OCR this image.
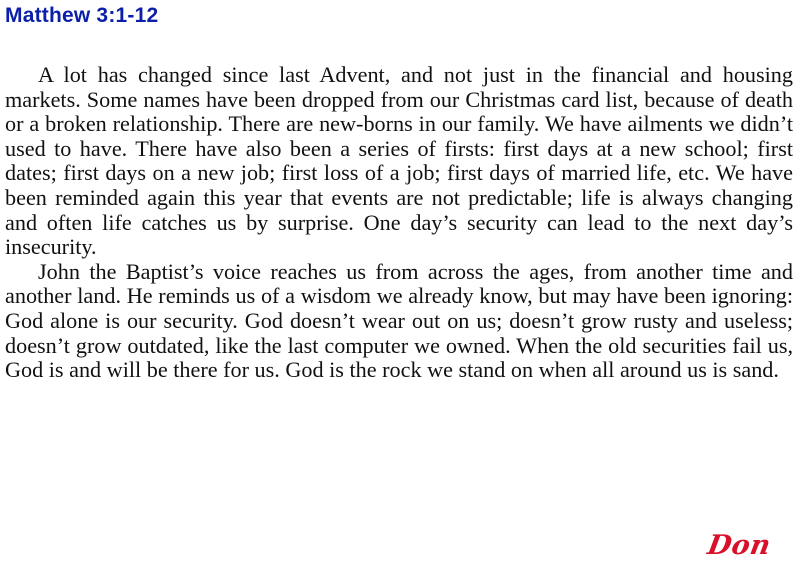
Matthew 3:1-12

A lot has changed since last Advent, and not just in the financial and housing markets. Some names have been dropped from our Christmas card list, because of death or a broken relationship. There are new-borns in our family. We have ailments we didn’t used to have. There have also been a series of firsts: first days at a new school; first dates; first days on a new job; first loss of a job; first days of married life, etc. We have been reminded again this year that events are not predictable; life is always changing and often life catches us by surprise. One day’s security can lead to the next day’s insecurity.

John the Baptist’s voice reaches us from across the ages, from another time and another land. He reminds us of a wisdom we already know, but may have been ignoring: God alone is our security. God doesn’t wear out on us; doesn’t grow rusty and useless; doesn’t grow outdated, like the last computer we owned. When the old securities fail us, God is and will be there for us. God is the rock we stand on when all around us is sand.

Don
